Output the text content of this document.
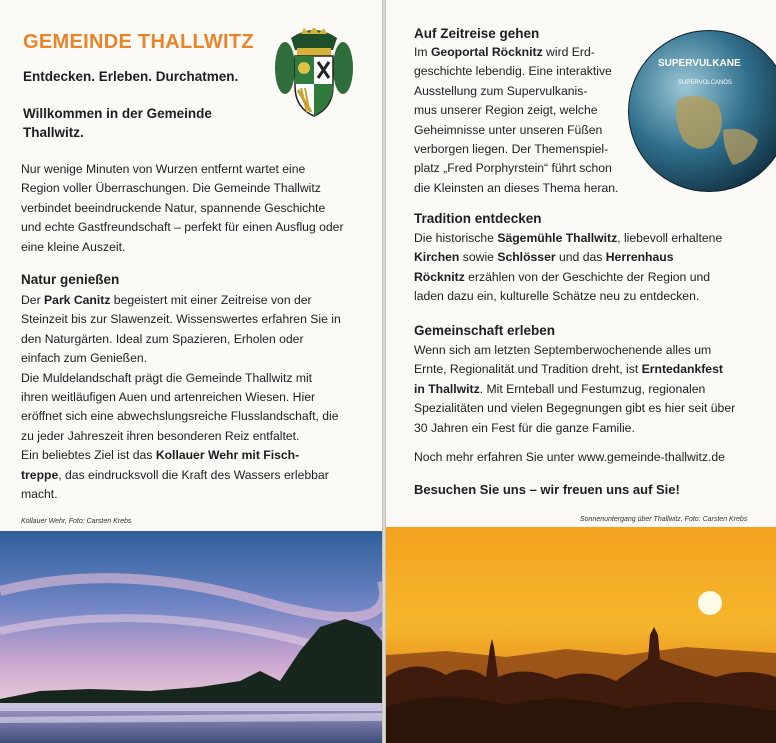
GEMEINDE THALLWITZ

Entdecken. Erleben. Durchatmen.

Willkommen in der Gemeinde
Thallwitz.

Nur wenige Minuten von Wurzen entfernt wartet eine
Region voller Überraschungen. Die Gemeinde Thallwitz
verbindet beeindruckende Natur, spannende Geschichte
und echte Gastfreundschaft – perfekt für einen Ausflug oder
eine kleine Auszeit.

Natur genießen

Der Park Canitz begeistert mit einer Zeitreise von der
Steinzeit bis zur Slawenzeit. Wissenswertes erfahren Sie in
den Naturgärten. Ideal zum Spazieren, Erholen oder
einfach zum Genießen.
Die Muldelandschaft prägt die Gemeinde Thallwitz mit
ihren weitläufigen Auen und artenreichen Wiesen. Hier
eröffnet sich eine abwechslungsreiche Flusslandschaft, die
zu jeder Jahreszeit ihren besonderen Reiz entfaltet.
Ein beliebtes Ziel ist das Kollauer Wehr mit Fisch-
treppe, das eindrucksvoll die Kraft des Wassers erlebbar
macht.

Kollauer Wehr, Foto: Carsten Krebs

Auf Zeitreise gehen

Im Geoportal Röcknitz wird Erd-
geschichte lebendig. Eine interaktive
Ausstellung zum Supervulkanis-
mus unserer Region zeigt, welche
Geheimnisse unter unseren Füßen
verborgen liegen. Der Themenspiel-
platz „Fred Porphyrstein“ führt schon
die Kleinsten an dieses Thema heran.

SUPERVULKANE
SUPERVOLCANOS
Tradition entdecken

Die historische Sägemühle Thallwitz, liebevoll erhaltene
Kirchen sowie Schlösser und das Herrenhaus
Röcknitz erzählen von der Geschichte der Region und
laden dazu ein, kulturelle Schätze neu zu entdecken.

Gemeinschaft erleben

Wenn sich am letzten Septemberwochenende alles um
Ernte, Regionalität und Tradition dreht, ist Erntedankfest
in Thallwitz. Mit Ernteball und Festumzug, regionalen
Spezialitäten und vielen Begegnungen gibt es hier seit über
30 Jahren ein Fest für die ganze Familie.

Noch mehr erfahren Sie unter www.gemeinde-thallwitz.de

Besuchen Sie uns – wir freuen uns auf Sie!

Sonnenuntergang über Thallwitz, Foto: Carsten Krebs
